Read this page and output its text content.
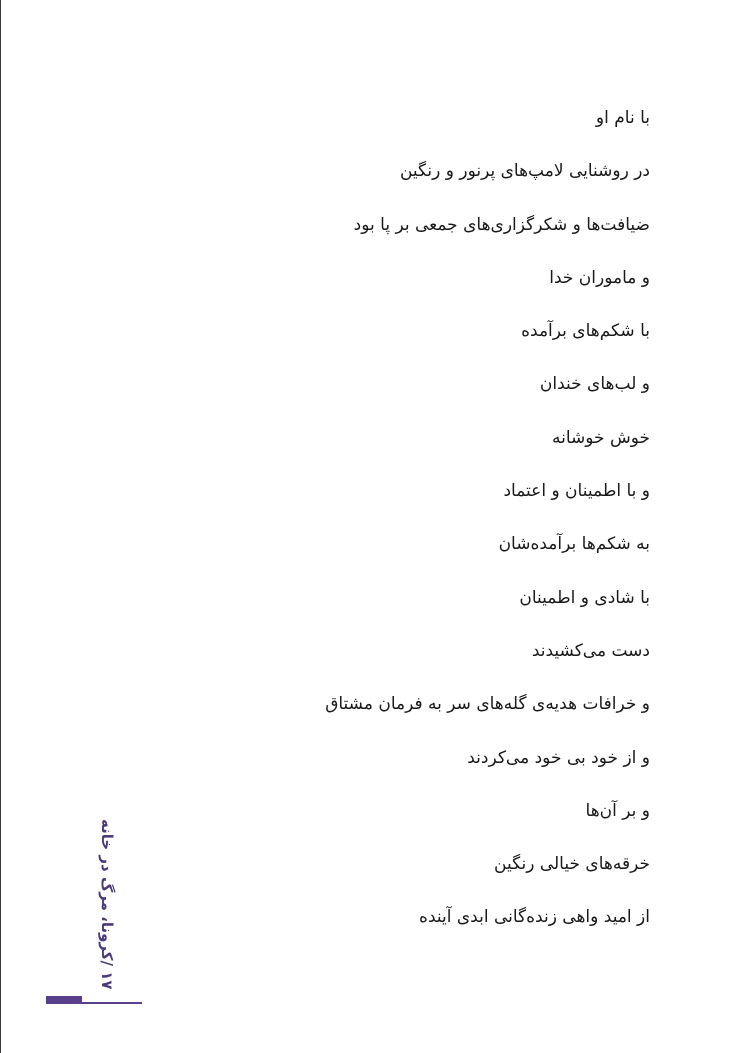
با نام او
در روشنایی لامپ‌های پرنور و رنگین
ضیافت‌ها و شکرگزاری‌های جمعی بر پا بود
و ماموران خدا
با شکم‌های برآمده
و لب‌های خندان
خوش خوشانه
و با اطمینان و اعتماد
به شکم‌ها برآمده‌شان
با شادی و اطمینان
دست می‌کشیدند
و خرافات هدیه‌ی گله‌های سر به فرمان مشتاق
و از خود بی خود می‌کردند
و بر آن‌ها
خرقه‌های خیالی رنگین
از امید واهی زنده‌گانی ابدی آینده
۱۷ /کرونا، مرگ در خانه
